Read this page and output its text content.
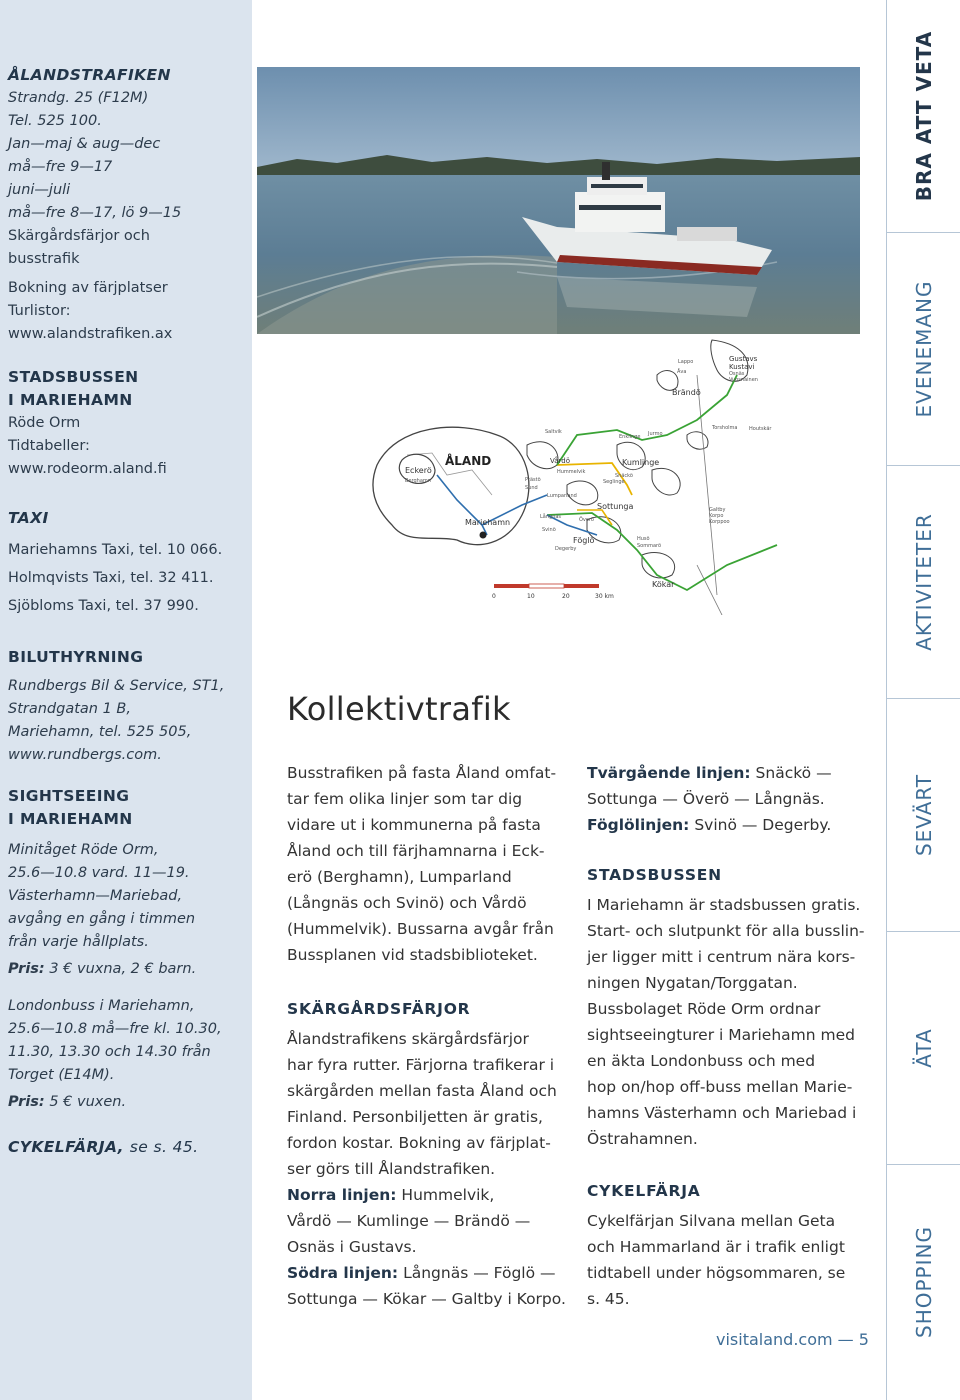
ÅLANDSTRAFIKEN
Strandg. 25 (F12M)
Tel. 525 100.
Jan—maj & aug—dec
må—fre 9—17
juni—juli
må—fre 8—17, lö 9—15
Skärgårdsfärjor och
busstrafik
Bokning av färjplatser
Turlistor:
www.alandstrafiken.ax
STADSBUSSEN
I MARIEHAMN
Röde Orm
Tidtabeller:
www.rodeorm.aland.fi
TAXI
Mariehamns Taxi, tel. 10 066.
Holmqvists Taxi, tel. 32 411.
Sjöbloms Taxi, tel. 37 990.
BILUTHYRNING
Rundbergs Bil & Service, ST1,
Strandgatan 1 B,
Mariehamn, tel. 525 505,
www.rundbergs.com.
SIGHTSEEING
I MARIEHAMN
Minitåget Röde Orm,
25.6—10.8 vard. 11—19.
Västerhamn—Mariebad,
avgång en gång i timmen
från varje hållplats.
Pris: 3 € vuxna, 2 € barn.
Londonbuss i Mariehamn,
25.6—10.8 må—fre kl. 10.30,
11.30, 13.30 och 14.30 från
Torget (E14M).
Pris: 5 € vuxen.
CYKELFÄRJA, se s. 45.
Eckerö
Berghamn
ÅLAND
Mariehamn
Vårdö
Hummelvik
Prästö
Sund
Saltvik
Lumparland
Långnäs
Svinö
Degerby
Föglö
Överö
Sottunga
Kumlinge
Snäckö
Enklinge
Seglinge
Brändö
Jurmo
Åva
Lappo
Torsholma
Gustavs
Kustavi
Osnäs
Vuosnainen
Houtskär
Galtby
Korpo
Korppoo
Kökar
Husö
Sommarö
0	10	20	30 km
Kollektivtrafik

Busstrafiken på fasta Åland omfat-

tar fem olika linjer som tar dig

vidare ut i kommunerna på fasta

Åland och till färjhamnarna i Eck-

erö (Berghamn), Lumparland

(Långnäs och Svinö) och Vårdö

(Hummelvik). Bussarna avgår från

Bussplanen vid stadsbiblioteket.

SKÄRGÅRDSFÄRJOR

Ålandstrafikens skärgårdsfärjor

har fyra rutter. Färjorna trafikerar i

skärgården mellan fasta Åland och

Finland. Personbiljetten är gratis,

fordon kostar. Bokning av färjplat-

ser görs till Ålandstrafiken.

Norra linjen: Hummelvik,

Vårdö — Kumlinge — Brändö —

Osnäs i Gustavs.

Södra linjen: Långnäs — Föglö —

Sottunga — Kökar — Galtby i Korpo.

Tvärgående linjen: Snäckö —

Sottunga — Överö — Långnäs.

Föglölinjen: Svinö — Degerby.

STADSBUSSEN

I Mariehamn är stadsbussen gratis.

Start- och slutpunkt för alla busslin-

jer ligger mitt i centrum nära kors-

ningen Nygatan/Torggatan.

Bussbolaget Röde Orm ordnar

sightseeingturer i Mariehamn med

en äkta Londonbuss och med

hop on/hop off-buss mellan Marie-

hamns Västerhamn och Mariebad i

Östrahamnen.

CYKELFÄRJA

Cykelfärjan Silvana mellan Geta

och Hammarland är i trafik enligt

tidtabell under högsommaren, se

s. 45.

visitaland.com — 5
BRA ATT VETA
EVENEMANG
AKTIVITETER
SEVÄRT
ÄTA
SHOPPING
